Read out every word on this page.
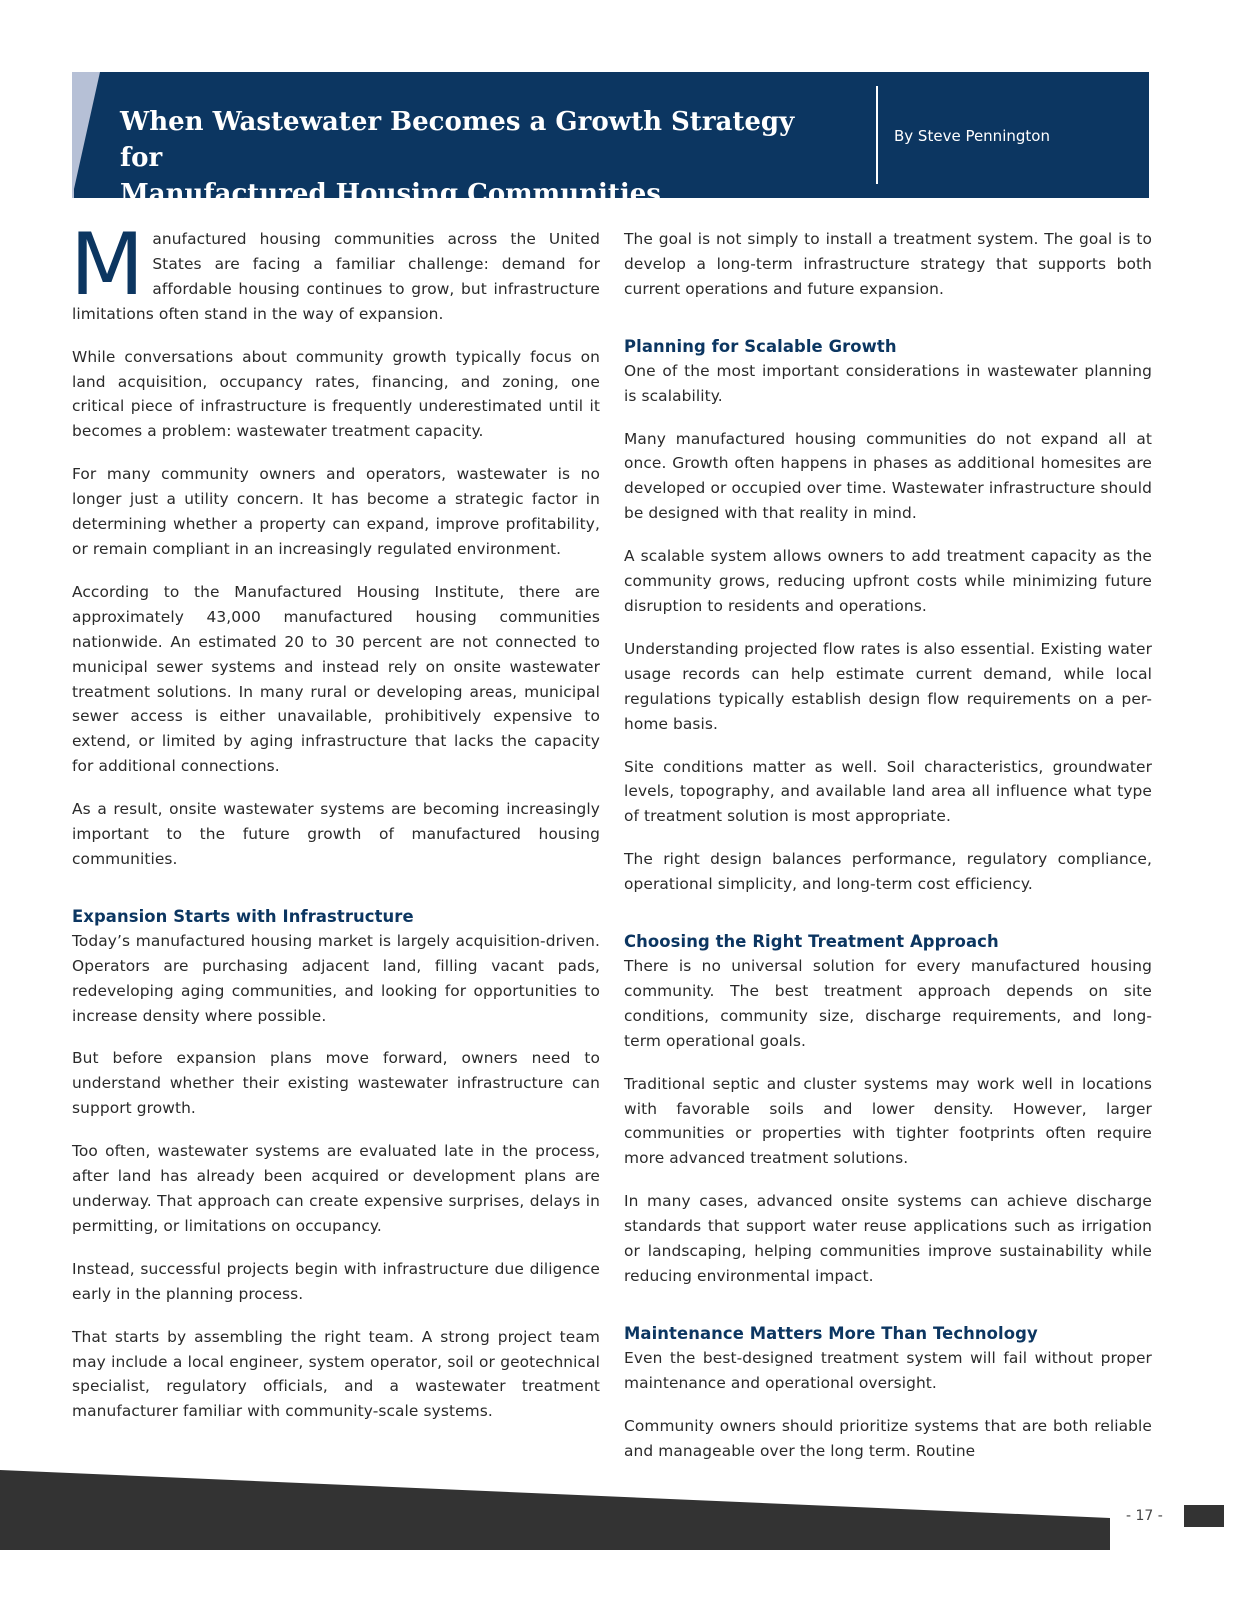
When Wastewater Becomes a Growth Strategy for
Manufactured Housing Communities
By Steve Pennington

Manufactured housing communities across the United States are facing a familiar challenge: demand for affordable housing continues to grow, but infrastructure limitations often stand in the way of expansion.

While conversations about community growth typically focus on land acquisition, occupancy rates, financing, and zoning, one critical piece of infrastructure is frequently underestimated until it becomes a problem: wastewater treatment capacity.

For many community owners and operators, wastewater is no longer just a utility concern. It has become a strategic factor in determining whether a property can expand, improve profitability, or remain compliant in an increasingly regulated environment.

According to the Manufactured Housing Institute, there are approximately 43,000 manufactured housing communities nationwide. An estimated 20 to 30 percent are not connected to municipal sewer systems and instead rely on onsite wastewater treatment solutions. In many rural or developing areas, municipal sewer access is either unavailable, prohibitively expensive to extend, or limited by aging infrastructure that lacks the capacity for additional connections.

As a result, onsite wastewater systems are becoming increasingly important to the future growth of manufactured housing communities.

Expansion Starts with Infrastructure

Today’s manufactured housing market is largely acquisition-driven. Operators are purchasing adjacent land, filling vacant pads, redeveloping aging communities, and looking for opportunities to increase density where possible.

But before expansion plans move forward, owners need to understand whether their existing wastewater infrastructure can support growth.

Too often, wastewater systems are evaluated late in the process, after land has already been acquired or development plans are underway. That approach can create expensive surprises, delays in permitting, or limitations on occupancy.

Instead, successful projects begin with infrastructure due diligence early in the planning process.

That starts by assembling the right team. A strong project team may include a local engineer, system operator, soil or geotechnical specialist, regulatory officials, and a wastewater treatment manufacturer familiar with community-scale systems.

The goal is not simply to install a treatment system. The goal is to develop a long-term infrastructure strategy that supports both current operations and future expansion.

Planning for Scalable Growth

One of the most important considerations in wastewater planning is scalability.

Many manufactured housing communities do not expand all at once. Growth often happens in phases as additional homesites are developed or occupied over time. Wastewater infrastructure should be designed with that reality in mind.

A scalable system allows owners to add treatment capacity as the community grows, reducing upfront costs while minimizing future disruption to residents and operations.

Understanding projected flow rates is also essential. Existing water usage records can help estimate current demand, while local regulations typically establish design flow requirements on a per-home basis.

Site conditions matter as well. Soil characteristics, groundwater levels, topography, and available land area all influence what type of treatment solution is most appropriate.

The right design balances performance, regulatory compliance, operational simplicity, and long-term cost efficiency.

Choosing the Right Treatment Approach

There is no universal solution for every manufactured housing community. The best treatment approach depends on site conditions, community size, discharge requirements, and long-term operational goals.

Traditional septic and cluster systems may work well in locations with favorable soils and lower density. However, larger communities or properties with tighter footprints often require more advanced treatment solutions.

In many cases, advanced onsite systems can achieve discharge standards that support water reuse applications such as irrigation or landscaping, helping communities improve sustainability while reducing environmental impact.

Maintenance Matters More Than Technology

Even the best-designed treatment system will fail without proper maintenance and operational oversight.

Community owners should prioritize systems that are both reliable and manageable over the long term. Routine

- 17 -
